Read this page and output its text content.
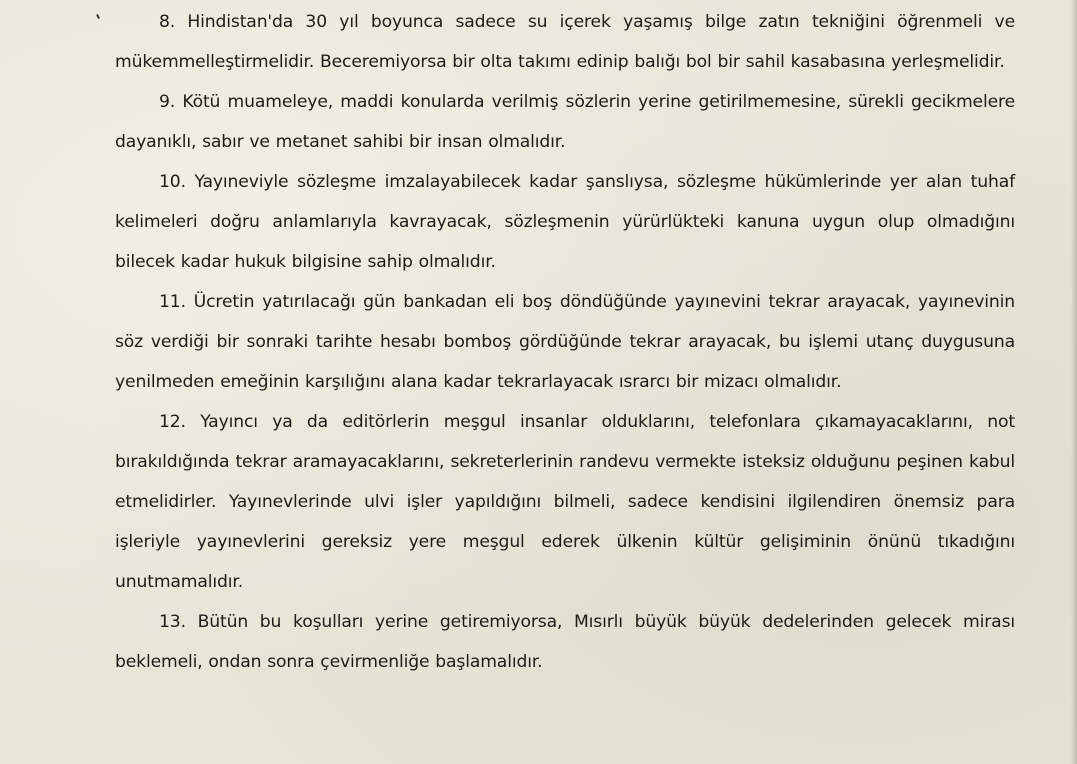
8. Hindistan'da 30 yıl boyunca sadece su içerek yaşamış bilge zatın tekniğini öğrenmeli ve mükemmelleştirmelidir. Beceremiyorsa bir olta takımı edinip balığı bol bir sahil kasabasına yerleşmelidir.

9. Kötü muameleye, maddi konularda verilmiş sözlerin yerine getirilmemesine, sürekli gecikmelere dayanıklı, sabır ve metanet sahibi bir insan olmalıdır.

10. Yayıneviyle sözleşme imzalayabilecek kadar şanslıysa, sözleşme hükümlerinde yer alan tuhaf kelimeleri doğru anlamlarıyla kavrayacak, sözleşmenin yürürlükteki kanuna uygun olup olmadığını bilecek kadar hukuk bilgisine sahip olmalıdır.

11. Ücretin yatırılacağı gün bankadan eli boş döndüğünde yayınevini tekrar arayacak, yayınevinin söz verdiği bir sonraki tarihte hesabı bomboş gördüğünde tekrar arayacak, bu işlemi utanç duygusuna yenilmeden emeğinin karşılığını alana kadar tekrarlayacak ısrarcı bir mizacı olmalıdır.

12. Yayıncı ya da editörlerin meşgul insanlar olduklarını, telefonlara çıkamayacaklarını, not bırakıldığında tekrar aramayacaklarını, sekreterlerinin randevu vermekte isteksiz olduğunu peşinen kabul etmelidirler. Yayınevlerinde ulvi işler yapıldığını bilmeli, sadece kendisini ilgilendiren önemsiz para işleriyle yayınevlerini gereksiz yere meşgul ederek ülkenin kültür gelişiminin önünü tıkadığını unutmamalıdır.

13. Bütün bu koşulları yerine getiremiyorsa, Mısırlı büyük büyük dedelerinden gelecek mirası beklemeli, ondan sonra çevirmenliğe başlamalıdır.
